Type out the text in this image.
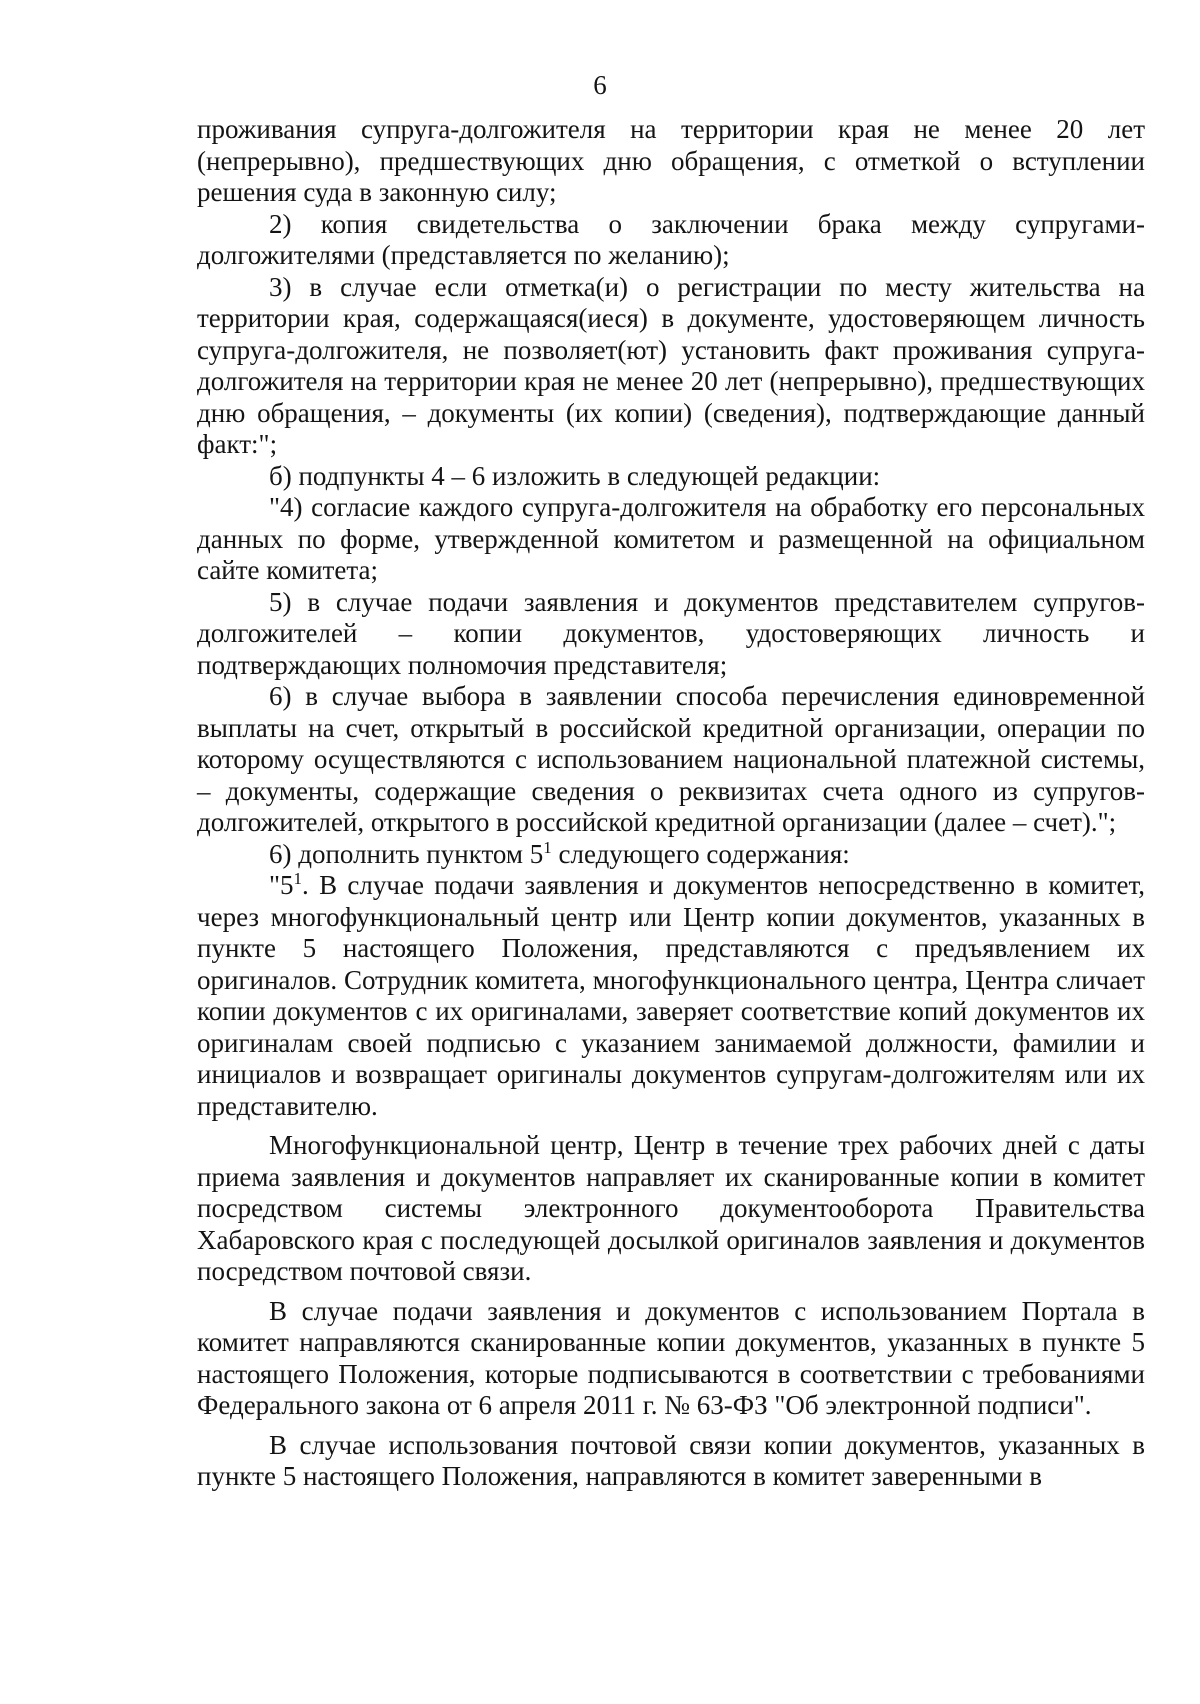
6

проживания супруга-долгожителя на территории края не менее 20 лет (непрерывно), предшествующих дню обращения, с отметкой о вступлении решения суда в законную силу;

2) копия свидетельства о заключении брака между супругами-долгожителями (представляется по желанию);

3) в случае если отметка(и) о регистрации по месту жительства на территории края, содержащаяся(иеся) в документе, удостоверяющем личность супруга-долгожителя, не позволяет(ют) установить факт проживания супруга-долгожителя на территории края не менее 20 лет (непрерывно), предшествующих дню обращения, – документы (их копии) (сведения), подтверждающие данный факт:";

б) подпункты 4 – 6 изложить в следующей редакции:

"4) согласие каждого супруга-долгожителя на обработку его персональных данных по форме, утвержденной комитетом и размещенной на официальном сайте комитета;

5) в случае подачи заявления и документов представителем супругов-долгожителей – копии документов, удостоверяющих личность и подтверждающих полномочия представителя;

6) в случае выбора в заявлении способа перечисления единовременной выплаты на счет, открытый в российской кредитной организации, операции по которому осуществляются с использованием национальной платежной системы, – документы, содержащие сведения о реквизитах счета одного из супругов-долгожителей, открытого в российской кредитной организации (далее – счет).";

6) дополнить пунктом $5^1$ следующего содержания:

"$5^1$. В случае подачи заявления и документов непосредственно в комитет, через многофункциональный центр или Центр копии документов, указанных в пункте 5 настоящего Положения, представляются с предъявлением их оригиналов. Сотрудник комитета, многофункционального центра, Центра сличает копии документов с их оригиналами, заверяет соответствие копий документов их оригиналам своей подписью с указанием занимаемой должности, фамилии и инициалов и возвращает оригиналы документов супругам-долгожителям или их представителю.

Многофункциональной центр, Центр в течение трех рабочих дней с даты приема заявления и документов направляет их сканированные копии в комитет посредством системы электронного документооборота Правительства Хабаровского края с последующей досылкой оригиналов заявления и документов посредством почтовой связи.

В случае подачи заявления и документов с использованием Портала в комитет направляются сканированные копии документов, указанных в пункте 5 настоящего Положения, которые подписываются в соответствии с требованиями Федерального закона от 6 апреля 2011 г. № 63-ФЗ "Об электронной подписи".

В случае использования почтовой связи копии документов, указанных в пункте 5 настоящего Положения, направляются в комитет заверенными в
